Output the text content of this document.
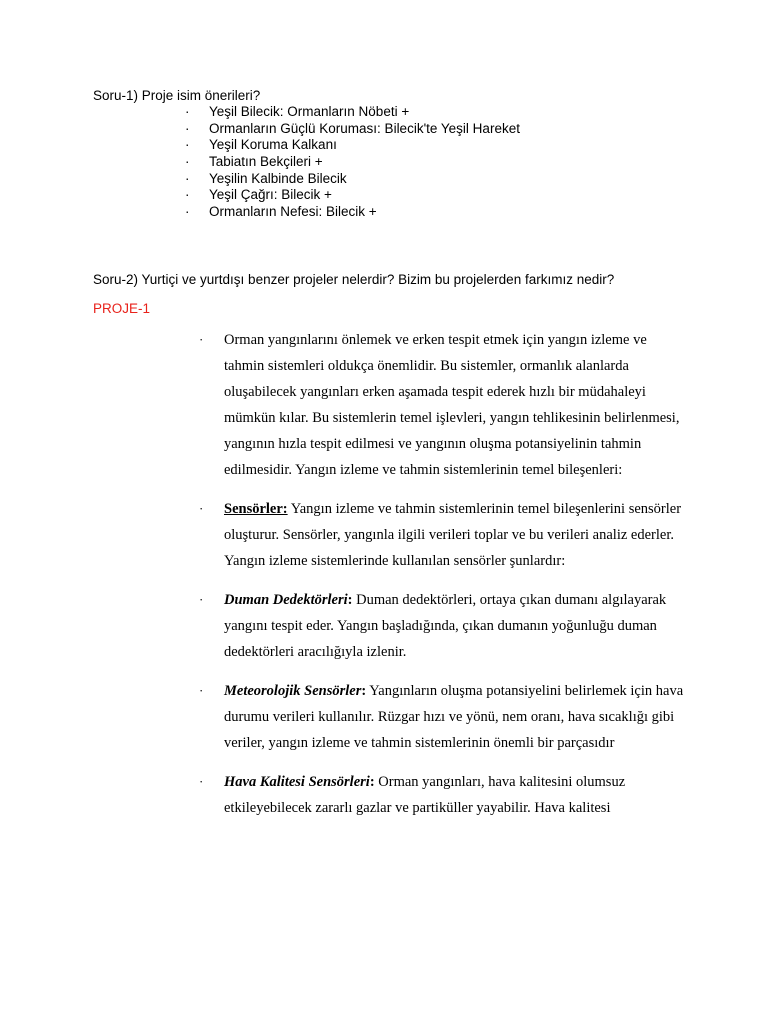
Soru-1) Proje isim önerileri?

· Yeşil Bilecik: Ormanların Nöbeti +
· Ormanların Güçlü Koruması: Bilecik'te Yeşil Hareket
· Yeşil Koruma Kalkanı
· Tabiatın Bekçileri +
· Yeşilin Kalbinde Bilecik
· Yeşil Çağrı: Bilecik +
· Ormanların Nefesi: Bilecik +

Soru-2) Yurtiçi ve yurtdışı benzer projeler nelerdir? Bizim bu projelerden farkımız nedir?

PROJE-1

·	Orman yangınlarını önlemek ve erken tespit etmek için yangın izleme ve tahmin sistemleri oldukça önemlidir. Bu sistemler, ormanlık alanlarda oluşabilecek yangınları erken aşamada tespit ederek hızlı bir müdahaleyi mümkün kılar. Bu sistemlerin temel işlevleri, yangın tehlikesinin belirlenmesi, yangının hızla tespit edilmesi ve yangının oluşma potansiyelinin tahmin edilmesidir. Yangın izleme ve tahmin sistemlerinin temel bileşenleri:

·	Sensörler: Yangın izleme ve tahmin sistemlerinin temel bileşenlerini sensörler oluşturur. Sensörler, yangınla ilgili verileri toplar ve bu verileri analiz ederler. Yangın izleme sistemlerinde kullanılan sensörler şunlardır:

·	Duman Dedektörleri: Duman dedektörleri, ortaya çıkan dumanı algılayarak yangını tespit eder. Yangın başladığında, çıkan dumanın yoğunluğu duman dedektörleri aracılığıyla izlenir.

·	Meteorolojik Sensörler: Yangınların oluşma potansiyelini belirlemek için hava durumu verileri kullanılır. Rüzgar hızı ve yönü, nem oranı, hava sıcaklığı gibi veriler, yangın izleme ve tahmin sistemlerinin önemli bir parçasıdır

·	Hava Kalitesi Sensörleri: Orman yangınları, hava kalitesini olumsuz etkileyebilecek zararlı gazlar ve partiküller yayabilir. Hava kalitesi
